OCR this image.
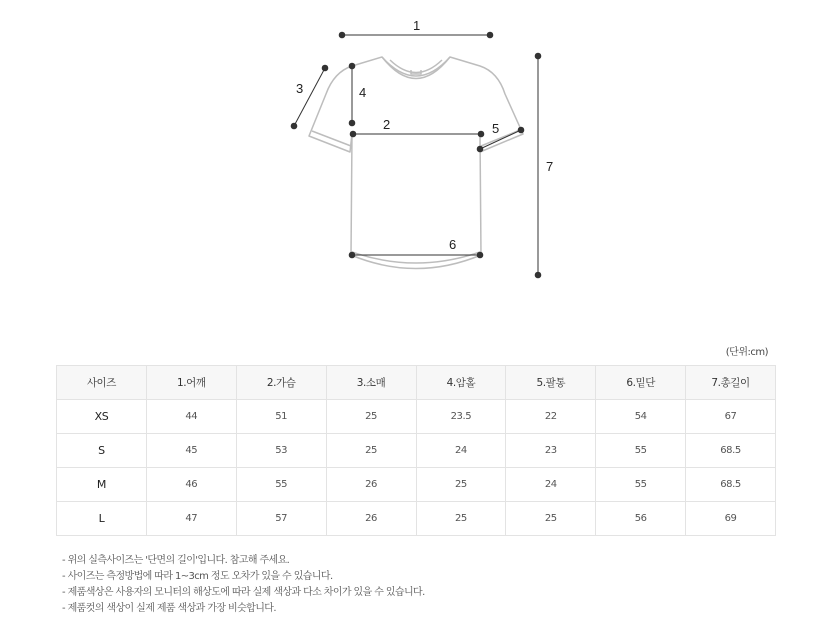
1
2
3	4
5
6
7
(단위:cm)
사이즈	1.어깨	2.가슴	3.소매	4.암홀	5.팔통	6.밑단	7.총길이
XS	44	51	25	23.5	22	54	67
S	45	53	25	24	23	55	68.5
M	46	55	26	25	24	55	68.5
L	47	57	26	25	25	56	69
- 위의 실측사이즈는 '단면의 길이'입니다. 참고해 주세요.
- 사이즈는 측정방법에 따라 1~3cm 정도 오차가 있을 수 있습니다.
- 제품색상은 사용자의 모니터의 해상도에 따라 실제 색상과 다소 차이가 있을 수 있습니다.
- 제품컷의 색상이 실제 제품 색상과 가장 비슷합니다.
